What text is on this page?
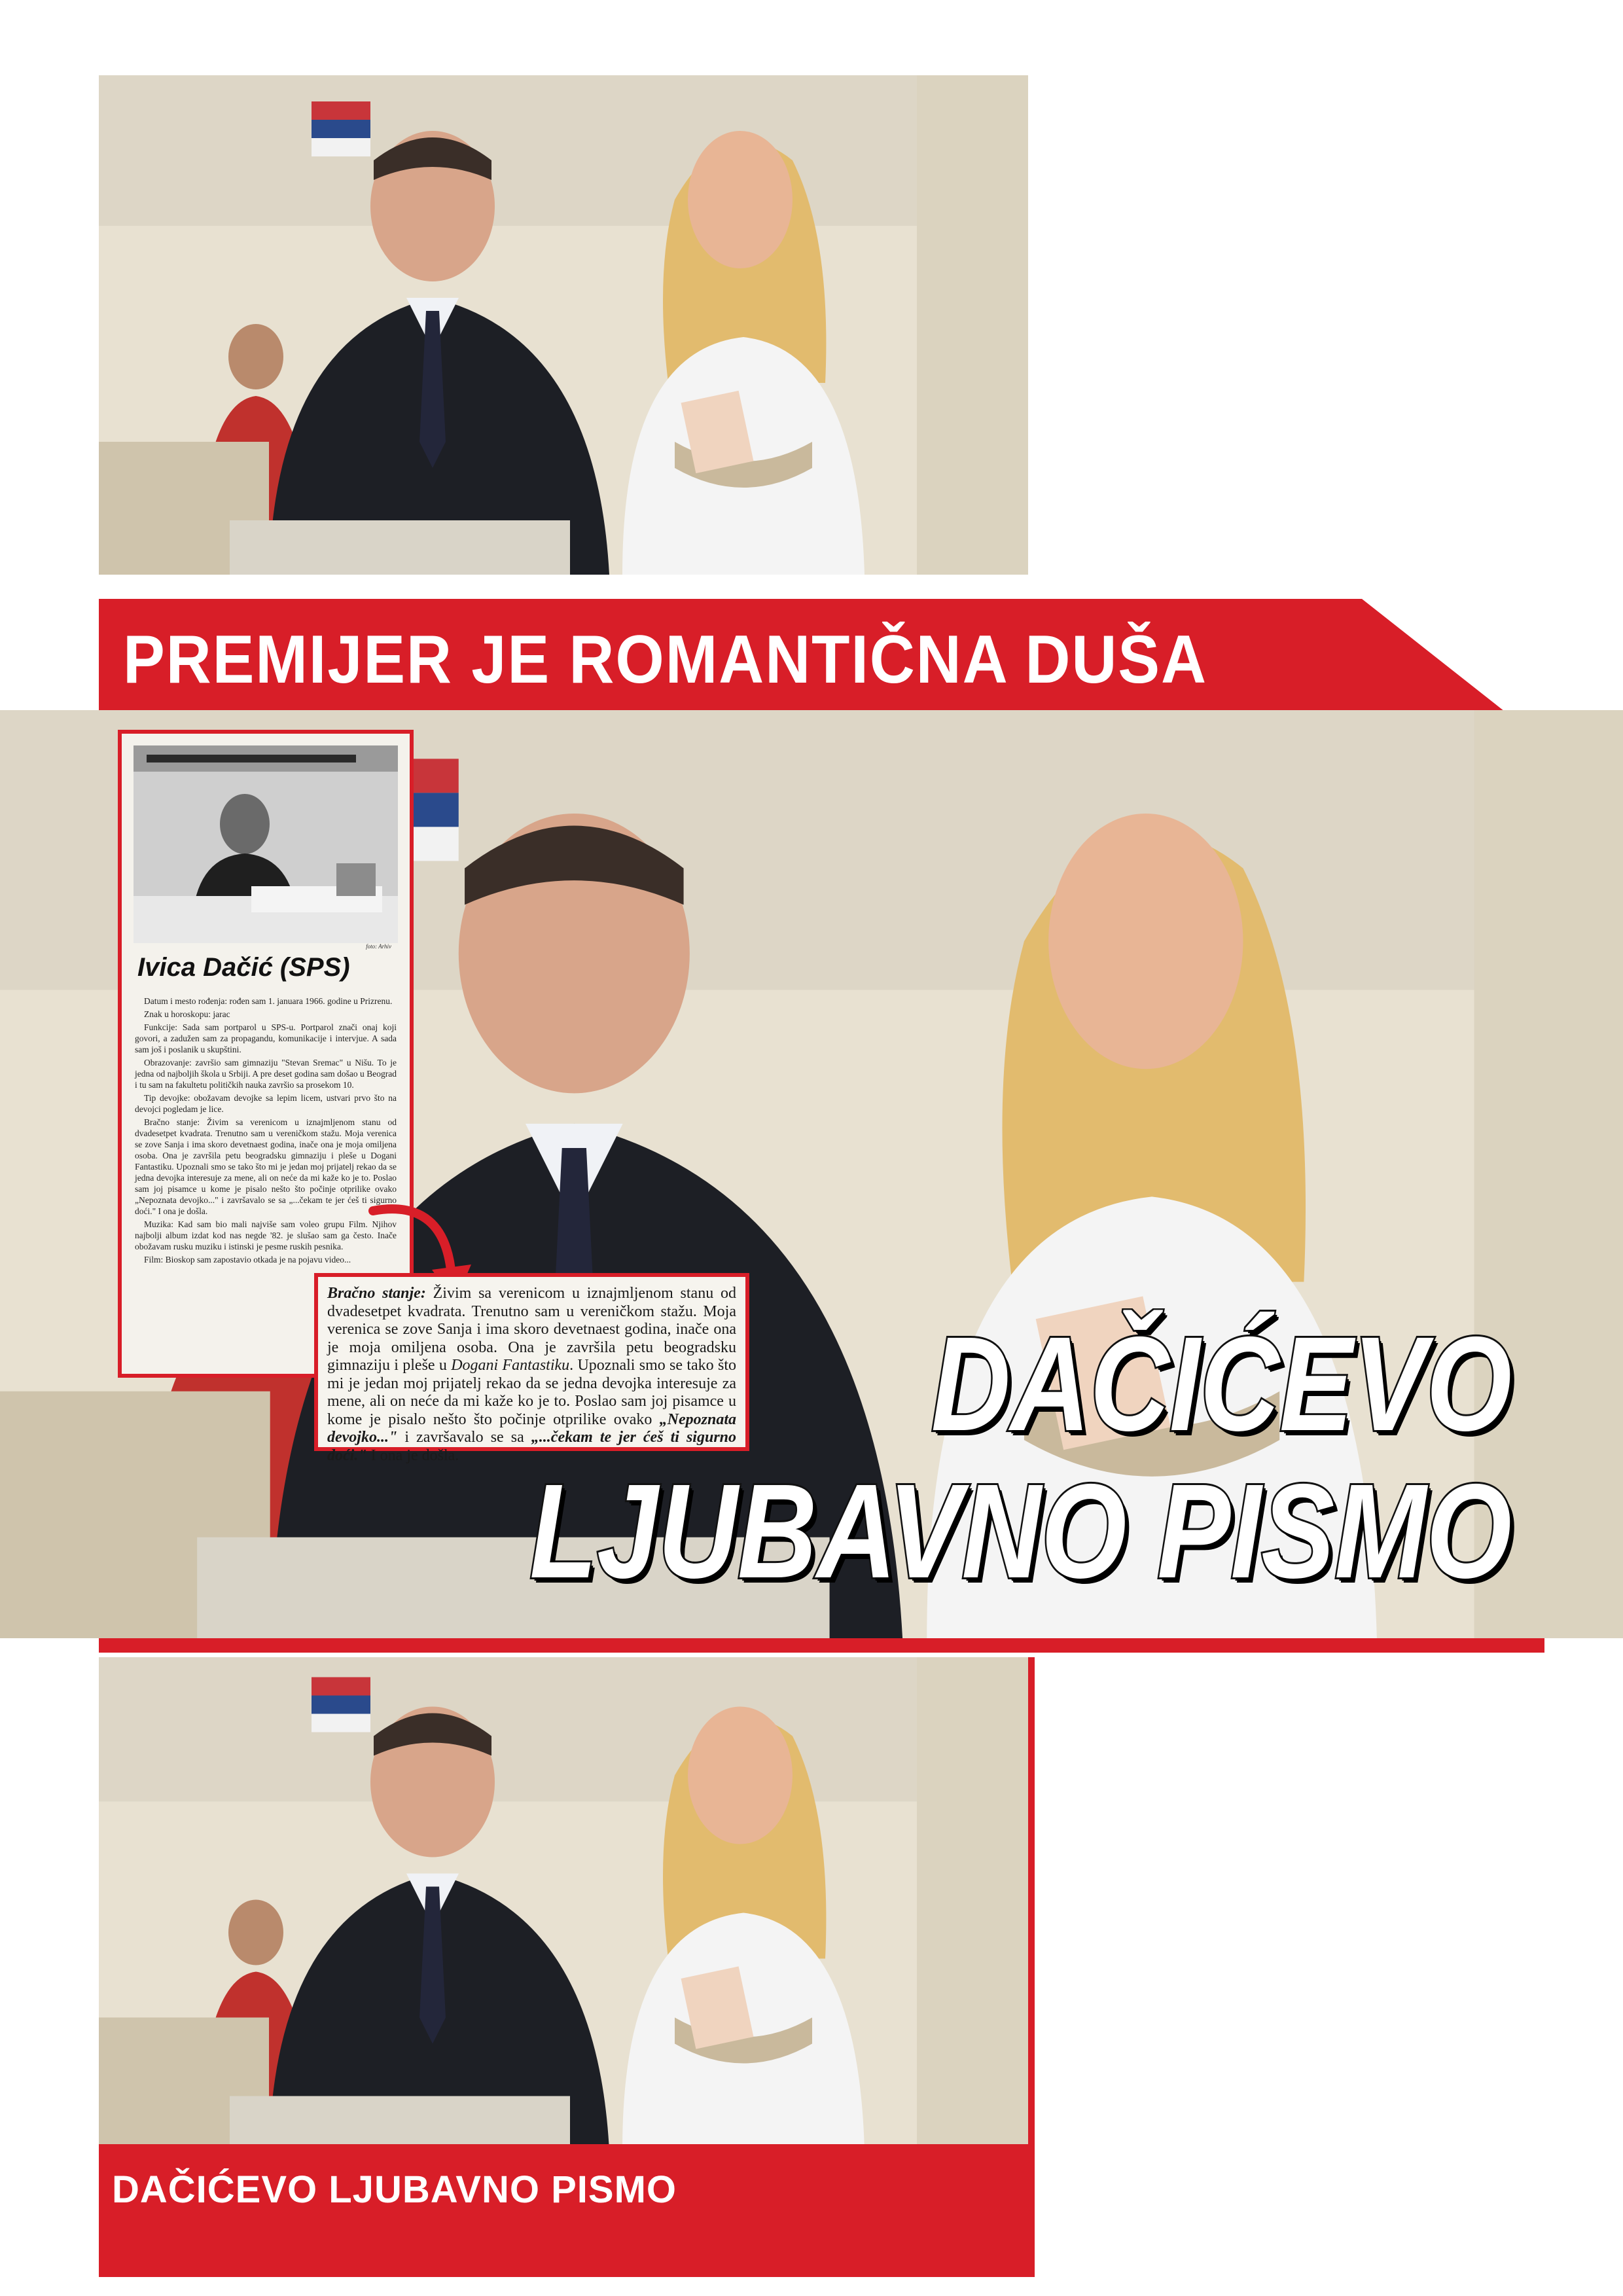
PREMIJER JE ROMANTIČNA DUŠA
foto: Arhiv
Ivica Dačić (SPS)

Datum i mesto rođenja: rođen sam 1. januara 1966. godine u Prizrenu.

Znak u horoskopu: jarac

Funkcije: Sada sam portparol u SPS-u. Portparol znači onaj koji govori, a zadužen sam za propagandu, komunikacije i intervjue. A sada sam još i poslanik u skupštini.

Obrazovanje: završio sam gimnaziju "Stevan Sremac" u Nišu. To je jedna od najboljih škola u Srbiji. A pre deset godina sam došao u Beograd i tu sam na fakultetu političkih nauka završio sa prosekom 10.

Tip devojke: obožavam devojke sa lepim licem, ustvari prvo što na devojci pogledam je lice.

Bračno stanje: Živim sa verenicom u iznajmljenom stanu od dvadesetpet kvadrata. Trenutno sam u vereničkom stažu. Moja verenica se zove Sanja i ima skoro devetnaest godina, inače ona je moja omiljena osoba. Ona je završila petu beogradsku gimnaziju i pleše u Dogani Fantastiku. Upoznali smo se tako što mi je jedan moj prijatelj rekao da se jedna devojka interesuje za mene, ali on neće da mi kaže ko je to. Poslao sam joj pisamce u kome je pisalo nešto što počinje otprilike ovako „Nepoznata devojko..." i završavalo se sa „...čekam te jer ćeš ti sigurno doći." I ona je došla.

Muzika: Kad sam bio mali najviše sam voleo grupu Film. Njihov najbolji album izdat kod nas negde '82. je slušao sam ga često. Inače obožavam rusku muziku i istinski je pesme ruskih pesnika.

Film: Bioskop sam zapostavio otkada je na pojavu video...

Bračno stanje: Živim sa verenicom u iznajmljenom stanu od dvadesetpet kvadrata. Trenutno sam u vereničkom stažu. Moja verenica se zove Sanja i ima skoro devetnaest godina, inače ona je moja omiljena osoba. Ona je završila petu beogradsku gimnaziju i pleše u Dogani Fantastiku. Upoznali smo se tako što mi je jedan moj prijatelj rekao da se jedna devojka interesuje za mene, ali on neće da mi kaže ko je to. Poslao sam joj pisamce u kome je pisalo nešto što počinje otprilike ovako „Nepoznata devojko..." i završavalo se sa „...čekam te jer ćeš ti sigurno doći." I ona je došla.	DAČIĆEVO
LJUBAVNO PISMO
DAČIĆEVO LJUBAVNO PISMO
